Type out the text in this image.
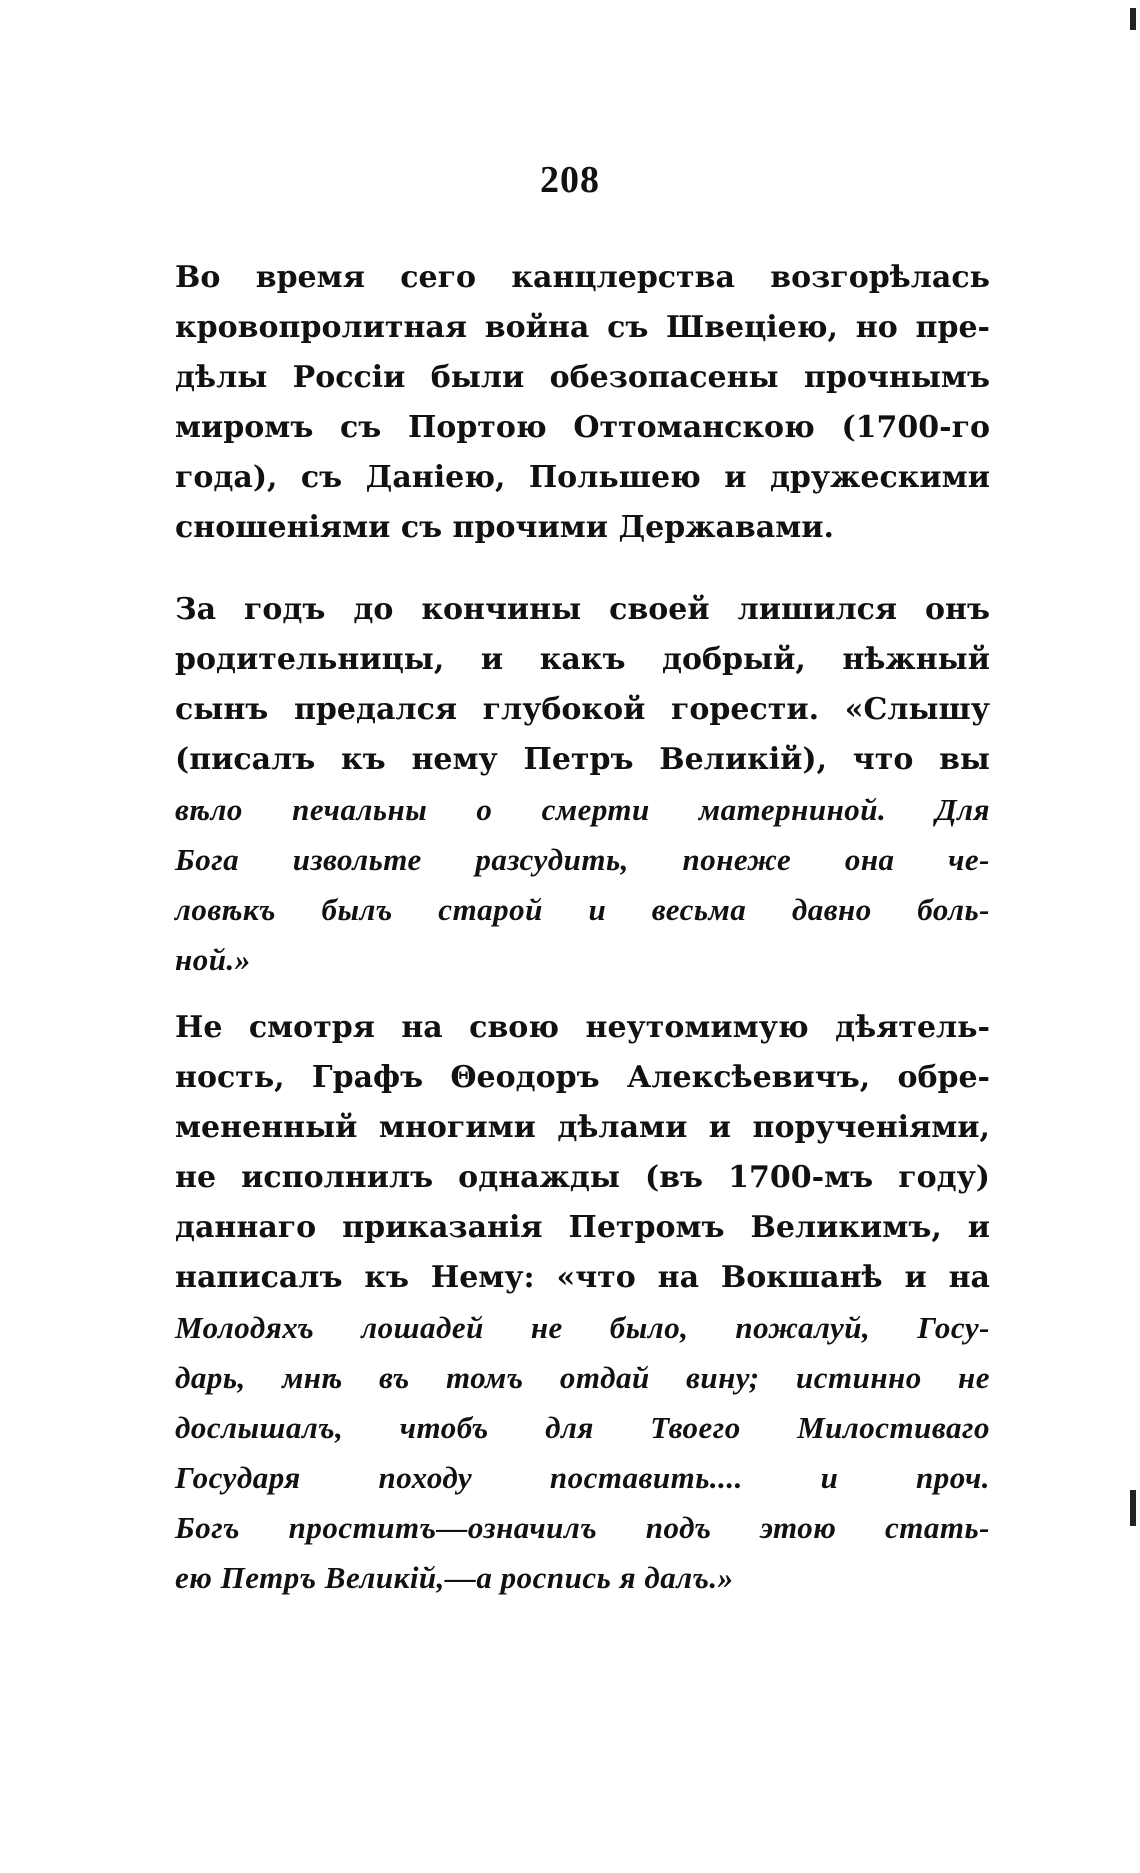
208
Во время сего канцлерства возгорѣлась
кровопролитная война съ Швецiею, но пре-
дѣлы Россiи были обезопасены прочнымъ
миромъ съ Портою Оттоманскою (1700-го
года), съ Данiею, Польшею и дружескими
сношенiями съ прочими Державами.
За годъ до кончины своей лишился онъ
родительницы, и какъ добрый, нѣжный
сынъ предался глубокой горести. «Слышу
(писалъ къ нему Петръ Великiй), что вы
вѣло печальны о смерти матерниной. Для
Бога извольте разсудить, понеже она че-
ловѣкъ былъ старой и весьма давно боль-
ной.»
Не смотря на свою неутомимую дѣятель-
ность, Графъ Θеодоръ Алексѣевичъ, обре-
мененный многими дѣлами и порученiями,
не исполнилъ однажды (въ 1700-мъ году)
даннаго приказанiя Петромъ Великимъ, и
написалъ къ Нему: «что на Вокшанѣ и на
Молодяхъ лошадей не было, пожалуй, Госу-
дарь, мнѣ въ томъ отдай вину; истинно не
дослышалъ, чтобъ для Твоего Милостиваго
Государя походу поставить.... и проч.
Богъ проститъ—означилъ подъ этою стать-
ею Петръ Великiй,—а роспись я далъ.»
